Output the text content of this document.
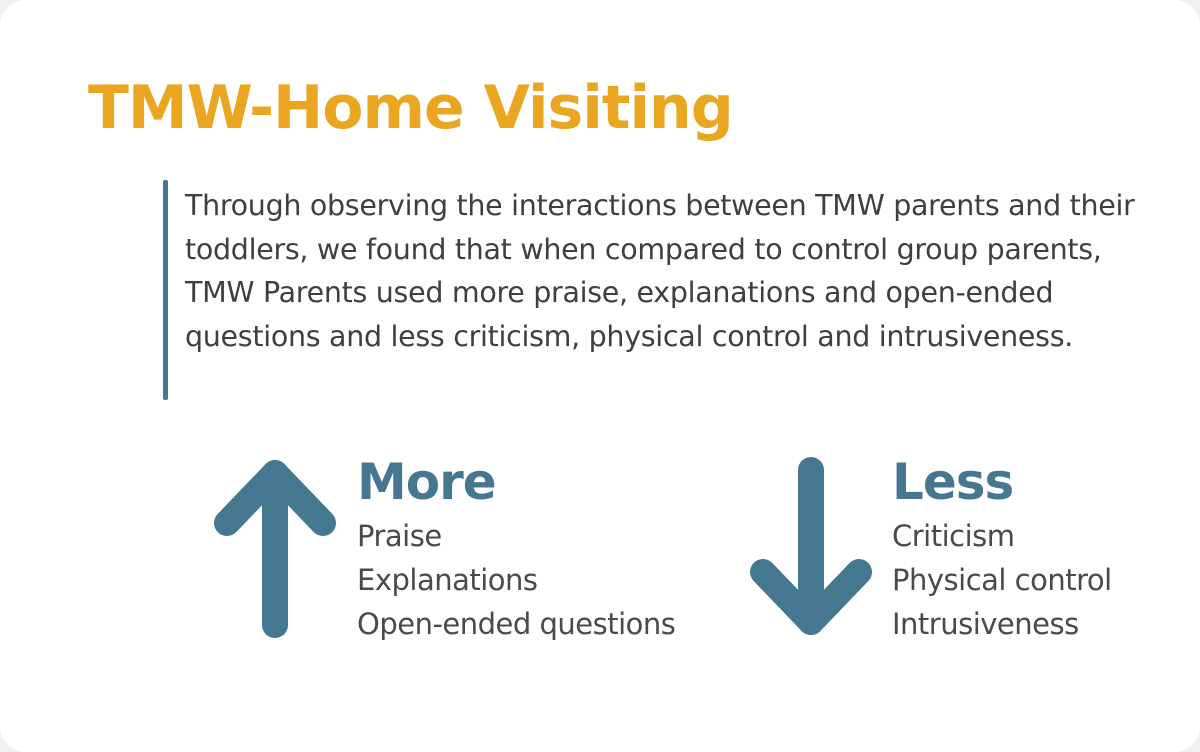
TMW-Home Visiting

Through observing the interactions between TMW parents and their toddlers, we found that when compared to control group parents, TMW Parents used more praise, explanations and open-ended questions and less criticism, physical control and intrusiveness.

More
Praise
Explanations
Open-ended questions
Less
Criticism
Physical control
Intrusiveness
